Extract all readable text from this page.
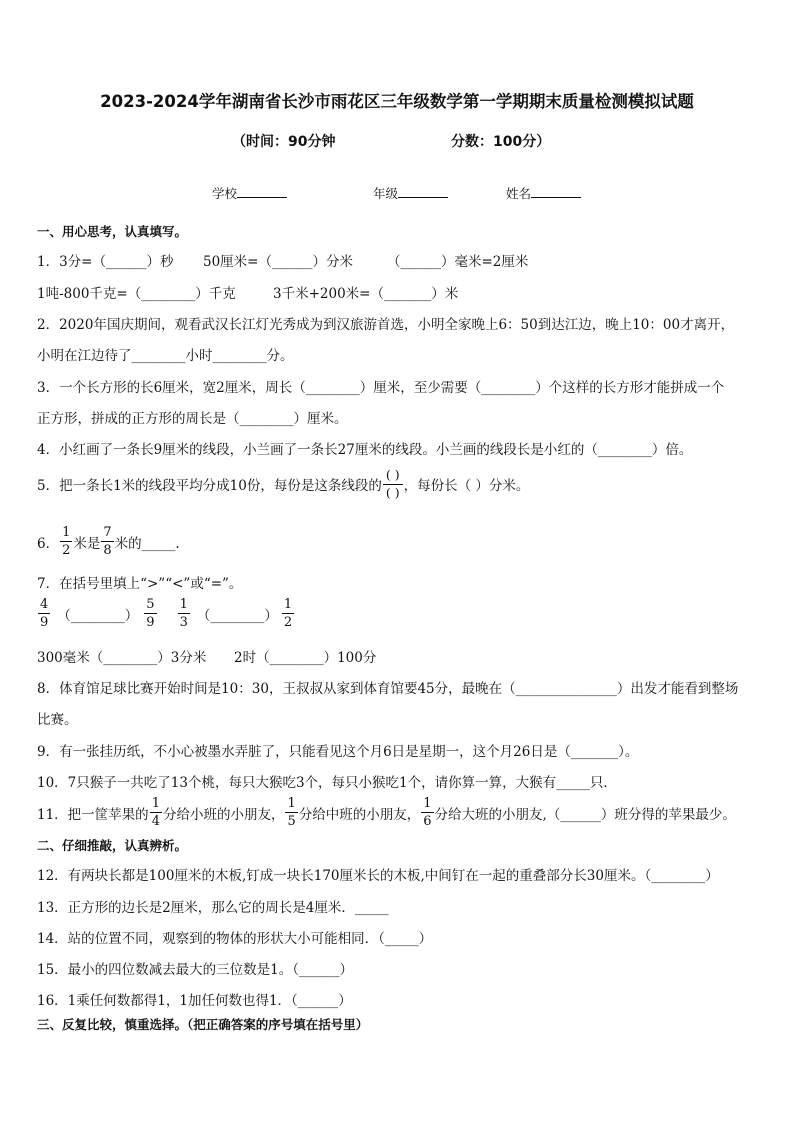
2023-2024学年湖南省长沙市雨花区三年级数学第一学期期末质量检测模拟试题
（时间：90分钟	分数：100分）
学校	年级	姓名
一、用心思考，认真填写。
1．3分=（______）秒 50厘米=（______）分米	（______）毫米=2厘米
1吨-800千克=（________）千克	3千米+200米=（_______）米
2．2020年国庆期间，观看武汉长江灯光秀成为到汉旅游首选，小明全家晚上6：50到达江边，晚上10：00才离开，
小明在江边待了________小时________分。
3．一个长方形的长6厘米，宽2厘米，周长（________）厘米，至少需要（________）个这样的长方形才能拼成一个
正方形，拼成的正方形的周长是（________）厘米。
4．小红画了一条长9厘米的线段，小兰画了一条长27厘米的线段。小兰画的线段长是小红的（________）倍。
5．把一条长1米的线段平均分成10份，每份是这条线段的
( )
( ) ，每份长（ ）分米。
6． $\frac{1}{2}$ 米是 $\frac{7}{8}$ 米的_____.
7．在括号里填上“>”“<”或“=”。
$\frac{4}{9}$ （________） $\frac{5}{9} \frac{1}{3}$ （________） $\frac{1}{2}$
300毫米（________）3分米 2时（________）100分
8．体育馆足球比赛开始时间是10：30，王叔叔从家到体育馆要45分，最晚在（_______________）出发才能看到整场
比赛。
9．有一张挂历纸，不小心被墨水弄脏了，只能看见这个月6日是星期一，这个月26日是（_______）。
10．7只猴子一共吃了13个桃，每只大猴吃3个，每只小猴吃1个，请你算一算，大猴有_____只．
11．把一筐苹果的 $\frac{1}{4}$ 分给小班的小朋友， $\frac{1}{5}$ 分给中班的小朋友， $\frac{1}{6}$ 分给大班的小朋友,（______）班分得的苹果最少。
二、仔细推敲，认真辨析。
12．有两块长都是100厘米的木板,钉成一块长170厘米长的木板,中间钉在一起的重叠部分长30厘米。（________）
13．正方形的边长是2厘米，那么它的周长是4厘米．_____
14．站的位置不同，观察到的物体的形状大小可能相同．（_____）
15．最小的四位数减去最大的三位数是1。（______）
16．1乘任何数都得1，1加任何数也得1．（______）
三、反复比较，慎重选择。（把正确答案的序号填在括号里）
